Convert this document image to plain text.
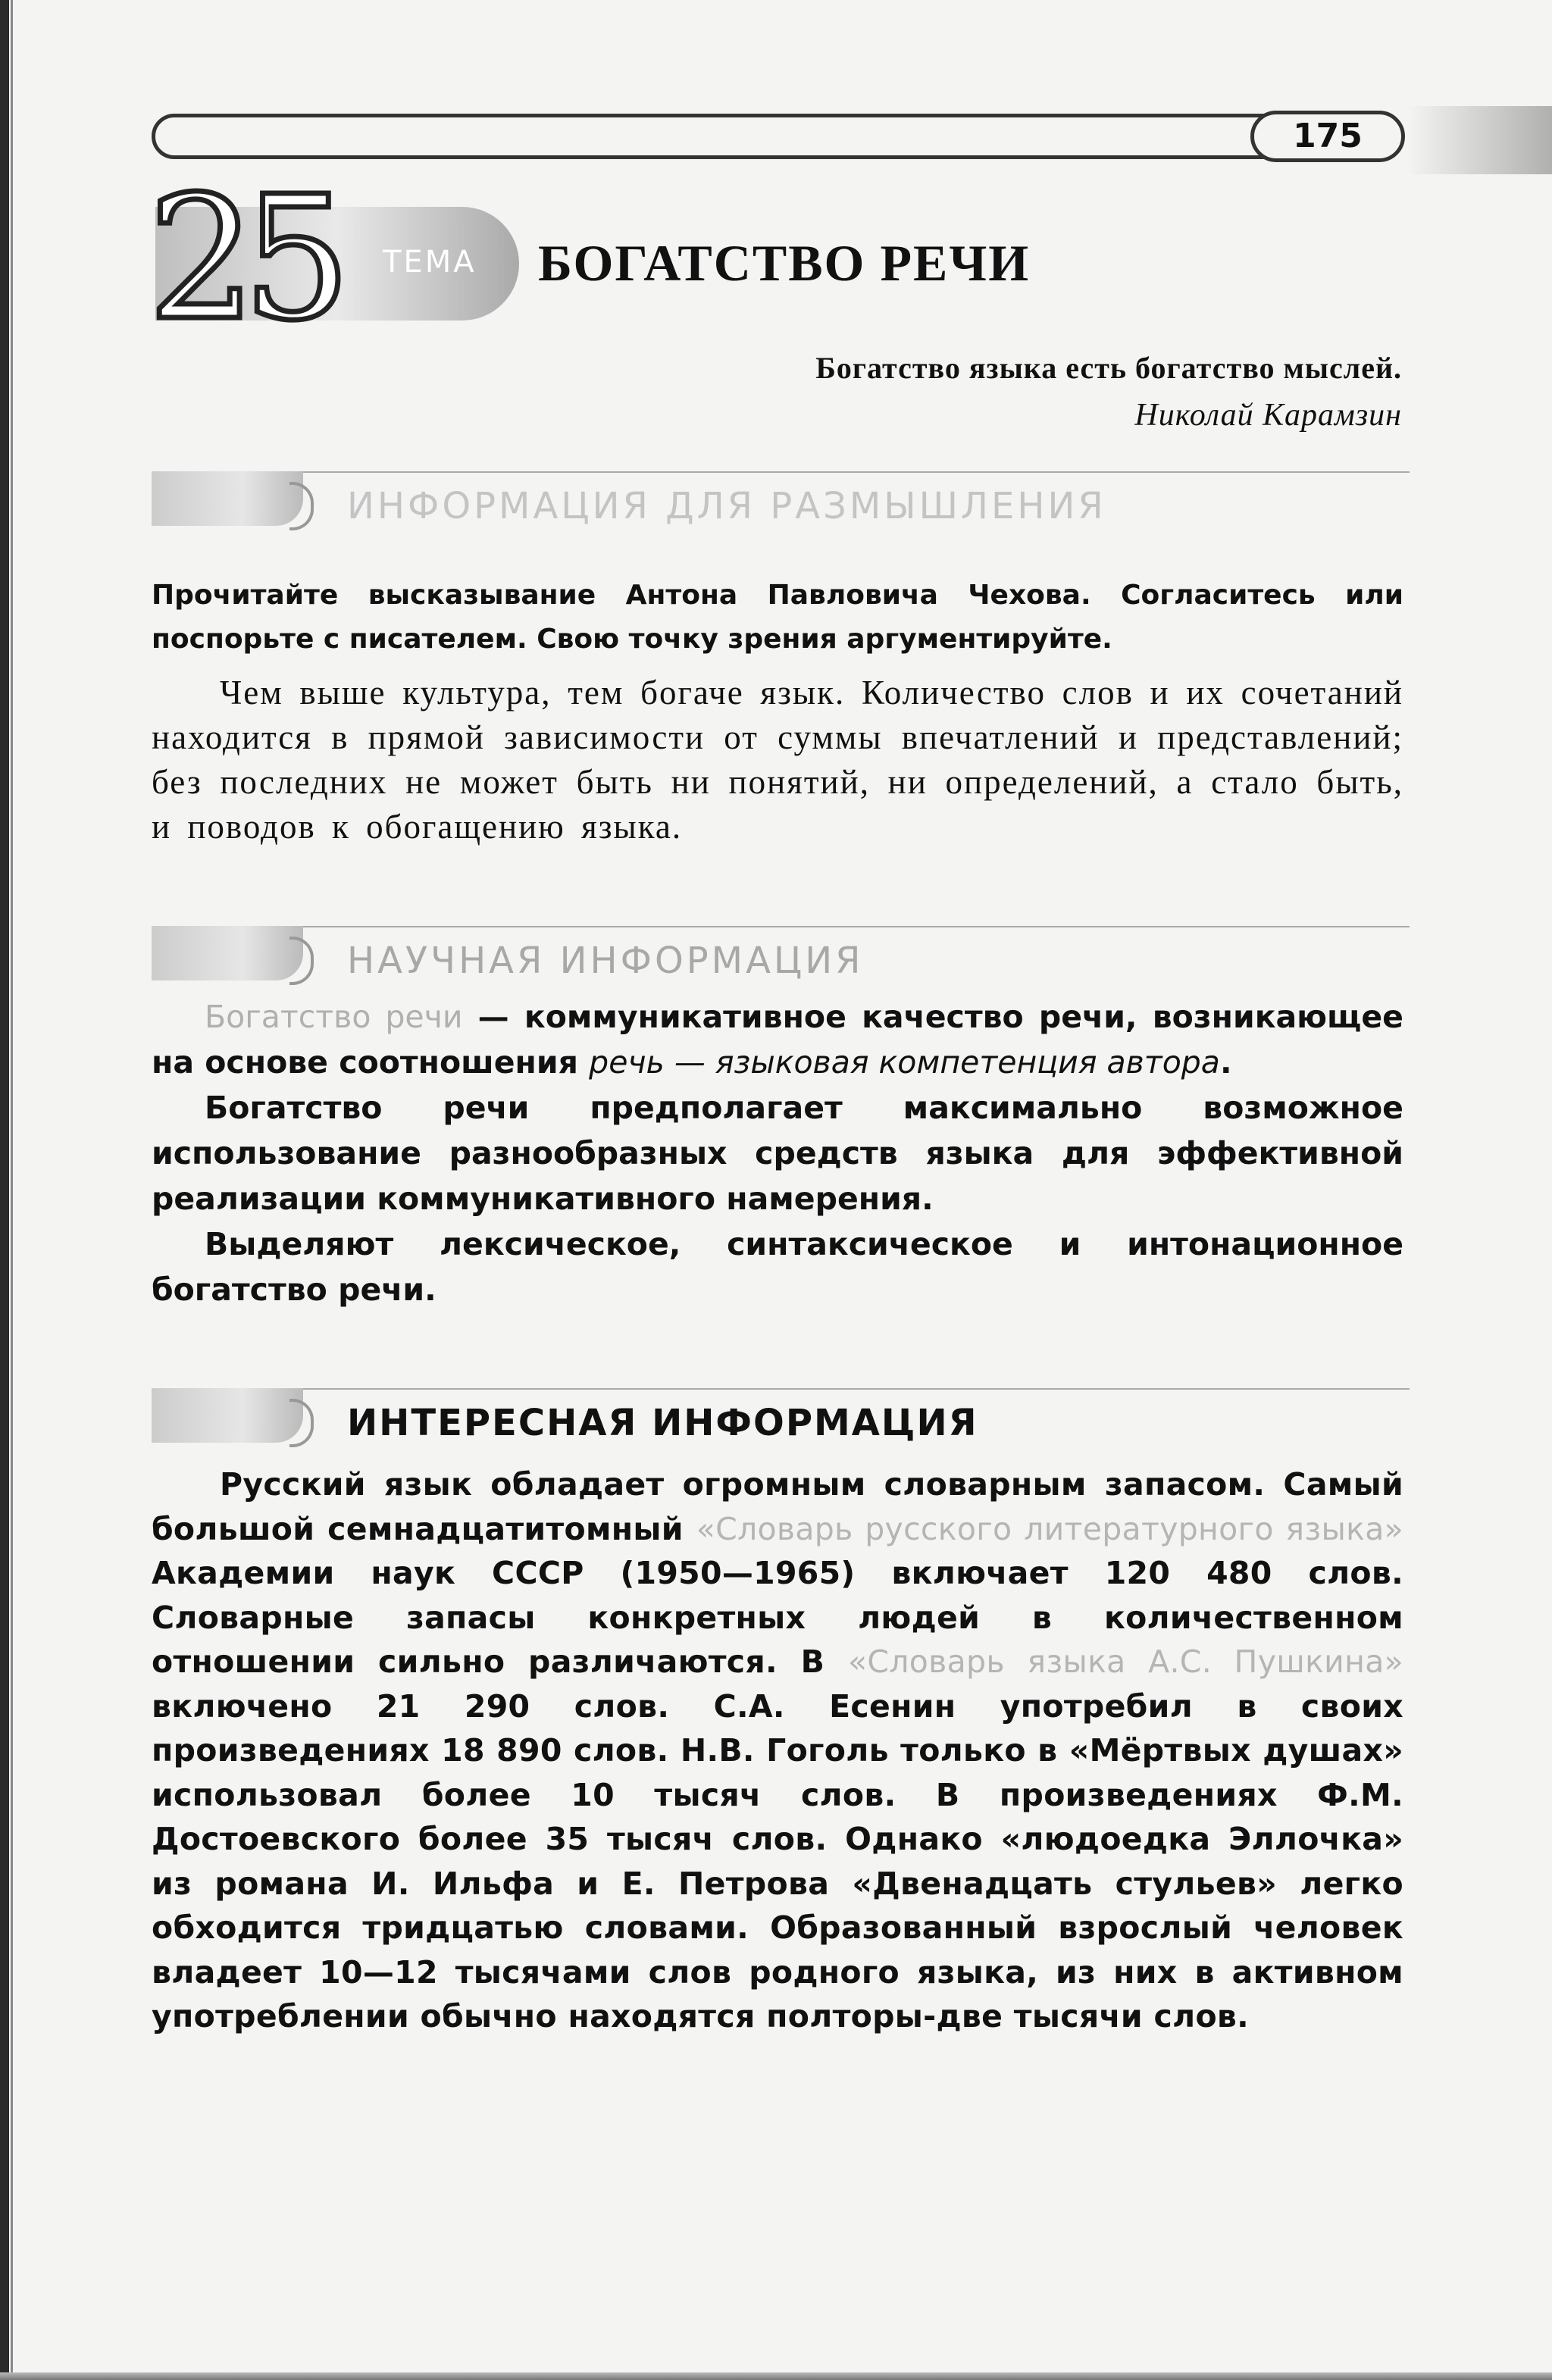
175
25 ТЕМА БОГАТСТВО РЕЧИ
Богатство языка есть богатство мыслей.
Николай Карамзин
ИНФОРМАЦИЯ ДЛЯ РАЗМЫШЛЕНИЯ
Прочитайте высказывание Антона Павловича Чехова. Согласитесь или поспорьте с писателем. Свою точку зрения аргументируйте.
Чем выше культура, тем богаче язык. Количество слов и их сочетаний находится в прямой зависимости от суммы впечатлений и представлений; без последних не может быть ни понятий, ни определений, а стало быть, и поводов к обогащению языка.
НАУЧНАЯ ИНФОРМАЦИЯ

Богатство речи — коммуникативное качество речи, возникающее на основе соотношения речь — языковая компетенция автора.

Богатство речи предполагает максимально возможное использование разнообразных средств языка для эффективной реализации коммуникативного намерения.

Выделяют лексическое, синтаксическое и интонационное богатство речи.

ИНТЕРЕСНАЯ ИНФОРМАЦИЯ
Русский язык обладает огромным словарным запасом. Самый большой семнадцатитомный «Словарь русского литературного языка» Академии наук СССР (1950—1965) включает 120 480 слов. Словарные запасы конкретных людей в количественном отношении сильно различаются. В «Словарь языка А.С. Пушкина» включено 21 290 слов. С.А. Есенин употребил в своих произведениях 18 890 слов. Н.В. Гоголь только в «Мёртвых душах» использовал более 10 тысяч слов. В произведениях Ф.М. Достоевского более 35 тысяч слов. Однако «людоедка Эллочка» из романа И. Ильфа и Е. Петрова «Двенадцать стульев» легко обходится тридцатью словами. Образованный взрослый человек владеет 10—12 тысячами слов родного языка, из них в активном употреблении обычно находятся полторы-две тысячи слов.
